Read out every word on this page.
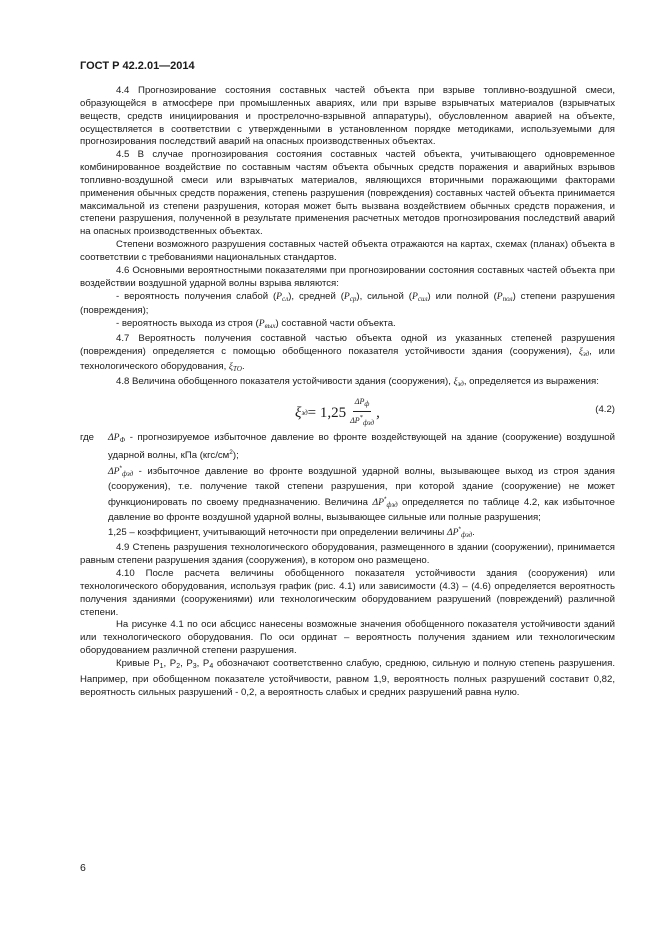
ГОСТ Р 42.2.01—2014

4.4 Прогнозирование состояния составных частей объекта при взрыве топливно-воздушной смеси, образующейся в атмосфере при промышленных авариях, или при взрыве взрывчатых материалов (взрывчатых веществ, средств инициирования и прострелочно-взрывной аппаратуры), обусловленном аварией на объекте, осуществляется в соответствии с утвержденными в установленном порядке методиками, используемыми для прогнозирования последствий аварий на опасных производственных объектах.

4.5 В случае прогнозирования состояния составных частей объекта, учитывающего одновременное комбинированное воздействие по составным частям объекта обычных средств поражения и аварийных взрывов топливно-воздушной смеси или взрывчатых материалов, являющихся вторичными поражающими факторами применения обычных средств поражения, степень разрушения (повреждения) составных частей объекта принимается максимальной из степени разрушения, которая может быть вызвана воздействием обычных средств поражения, и степени разрушения, полученной в результате применения расчетных методов прогнозирования последствий аварий на опасных производственных объектах.

Степени возможного разрушения составных частей объекта отражаются на картах, схемах (планах) объекта в соответствии с требованиями национальных стандартов.

4.6 Основными вероятностными показателями при прогнозировании состояния составных частей объекта при воздействии воздушной ударной волны взрыва являются:

- вероятность получения слабой $(P_{сл})$, средней $(P_{ср})$, сильной $(P_{сил})$ или полной $(P_{пол})$ степени разрушения (повреждения);

- вероятность выхода из строя $(P_{вых})$ составной части объекта.

4.7 Вероятность получения составной частью объекта одной из указанных степеней разрушения (повреждения) определяется с помощью обобщенного показателя устойчивости здания (сооружения), $\xi_{зд}$, или технологического оборудования, $\xi_{ТО}$.

4.8 Величина обобщенного показателя устойчивости здания (сооружения), $\xi_{зд}$, определяется из выражения:

ξ зд = $1,25 \frac{\text{ΔPф}}{\Delta P^*фзд}$ ,	(4.2)

где $\Delta P_Ф$ - прогнозируемое избыточное давление во фронте воздействующей на здание (сооружение) воздушной ударной волны, кПа $(кгс/см^2)$;

$\Delta P^*_{фзд}$ - избыточное давление во фронте воздушной ударной волны, вызывающее выход из строя здания (сооружения), т.е. получение такой степени разрушения, при которой здание (сооружение) не может функционировать по своему предназначению. Величина $\Delta P^*_{фзд}$ определяется по таблице 4.2, как избыточное давление во фронте воздушной ударной волны, вызывающее сильные или полные разрушения;

1,25 – коэффициент, учитывающий неточности при определении величины $\Delta P^*_{фзд}$.

4.9 Степень разрушения технологического оборудования, размещенного в здании (сооружении), принимается равным степени разрушения здания (сооружения), в котором оно размещено.

4.10 После расчета величины обобщенного показателя устойчивости здания (сооружения) или технологического оборудования, используя график (рис. 4.1) или зависимости (4.3) – (4.6) определяется вероятность получения зданиями (сооружениями) или технологическим оборудованием разрушений (повреждений) различной степени.

На рисунке 4.1 по оси абсцисс нанесены возможные значения обобщенного показателя устойчивости зданий или технологического оборудования. По оси ординат – вероятность получения зданием или технологическим оборудованием различной степени разрушения.

Кривые $P_1$, $P_2$, $P_3$, $P_4$ обозначают соответственно слабую, среднюю, сильную и полную степень разрушения. Например, при обобщенном показателе устойчивости, равном 1,9, вероятность полных разрушений составит 0,82, вероятность сильных разрушений - 0,2, а вероятность слабых и средних разрушений равна нулю.

6
